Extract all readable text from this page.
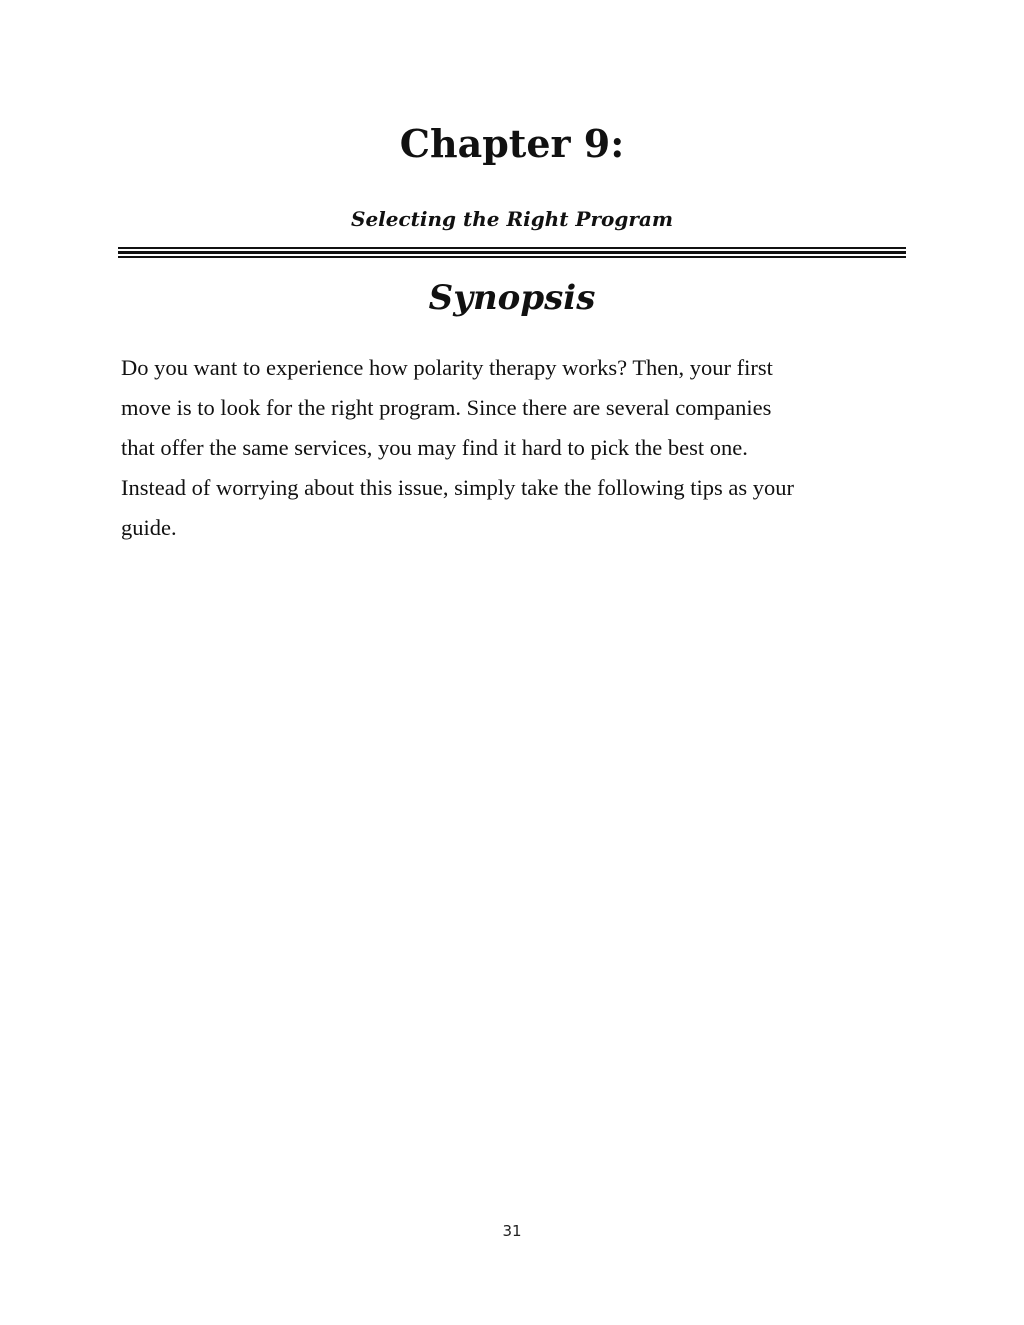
Chapter 9:
Selecting the Right Program
Synopsis

Do you want to experience how polarity therapy works? Then, your first
move is to look for the right program. Since there are several companies
that offer the same services, you may find it hard to pick the best one.
Instead of worrying about this issue, simply take the following tips as your
guide.

31
